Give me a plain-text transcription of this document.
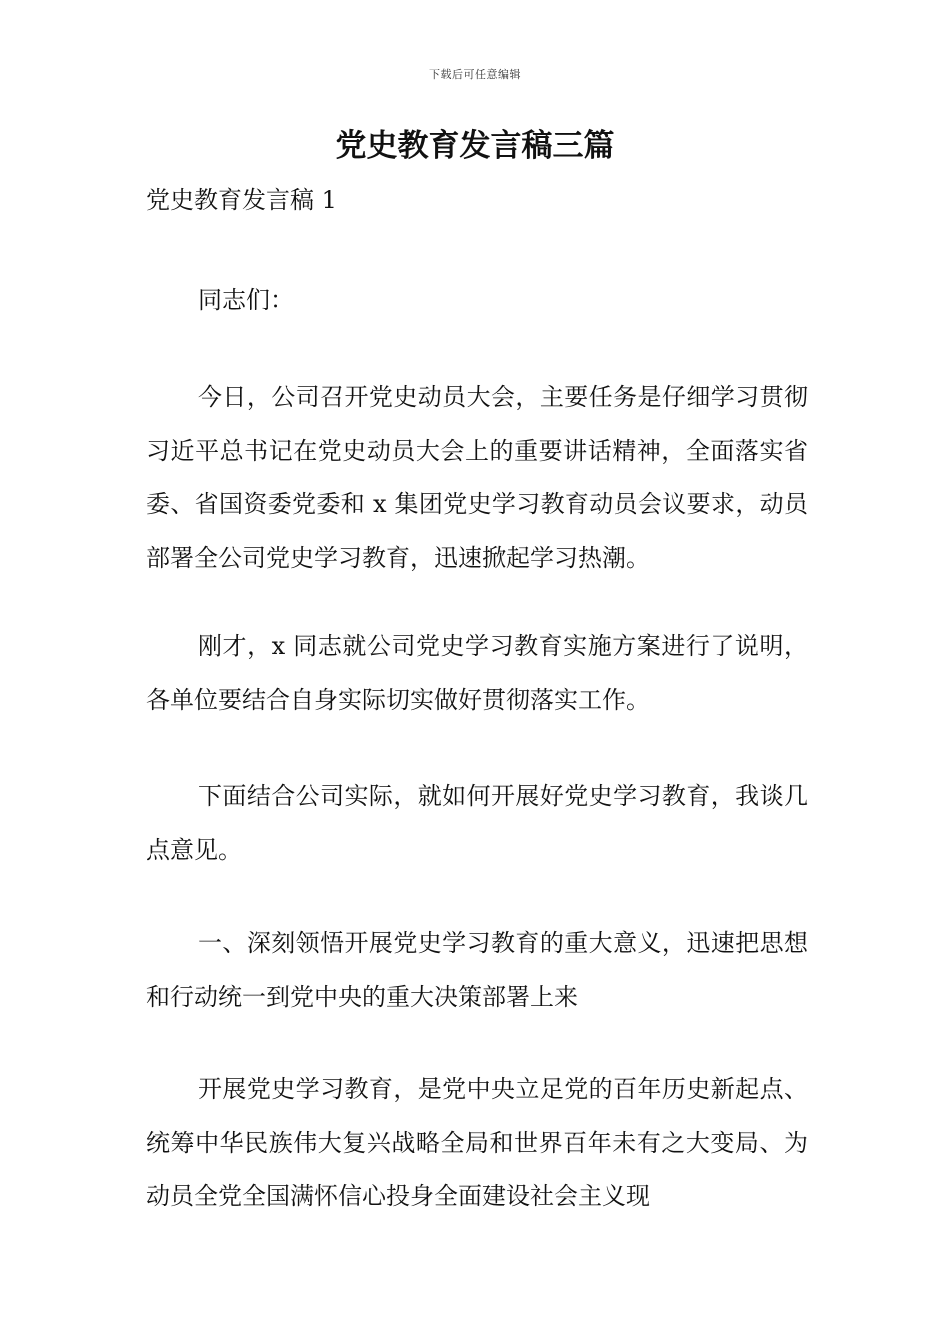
下载后可任意编辑
党史教育发言稿三篇

党史教育发言稿 1

同志们：

今日，公司召开党史动员大会，主要任务是仔细学习贯彻习近平总书记在党史动员大会上的重要讲话精神，全面落实省委、省国资委党委和 x 集团党史学习教育动员会议要求，动员部署全公司党史学习教育，迅速掀起学习热潮。

刚才，x 同志就公司党史学习教育实施方案进行了说明，各单位要结合自身实际切实做好贯彻落实工作。

下面结合公司实际，就如何开展好党史学习教育，我谈几点意见。

一、深刻领悟开展党史学习教育的重大意义，迅速把思想和行动统一到党中央的重大决策部署上来

开展党史学习教育，是党中央立足党的百年历史新起点、统筹中华民族伟大复兴战略全局和世界百年未有之大变局、为动员全党全国满怀信心投身全面建设社会主义现
